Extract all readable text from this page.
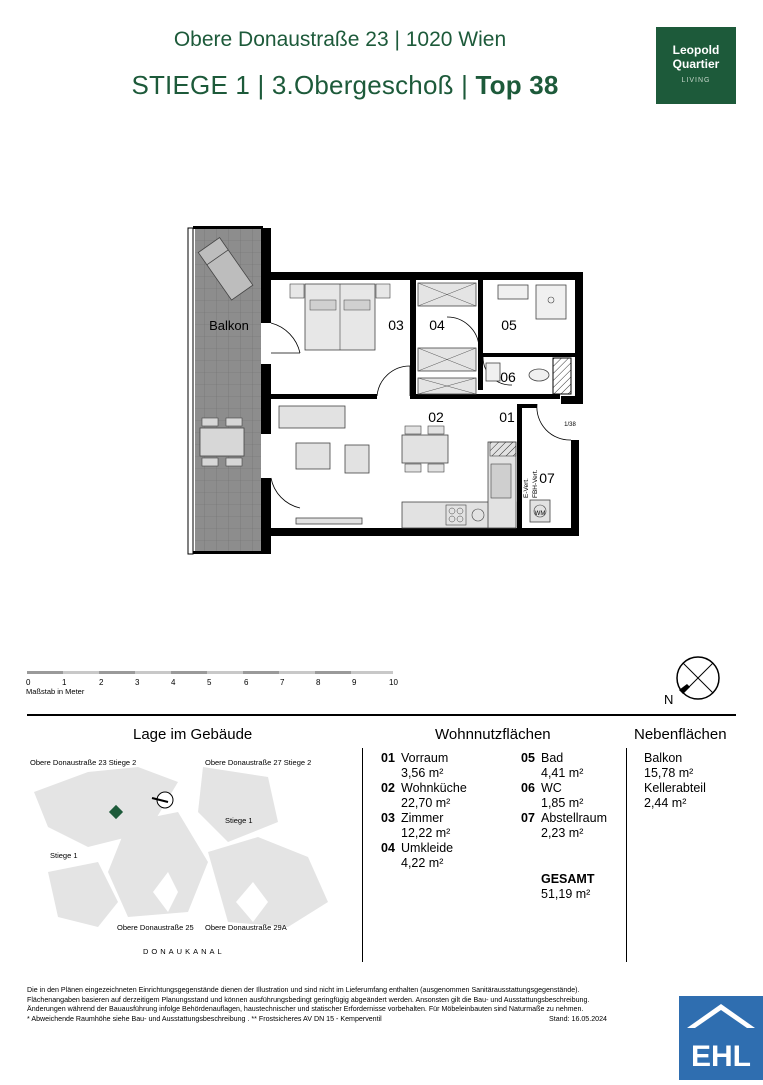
Obere Donaustraße 23 | 1020 Wien
STIEGE 1 | 3.Obergeschoß | Top 38
Leopold
Quartier
LIVING
Balkon	03 04	05
06
02	01
07
WM
1/38
E-Vert. FBH-Vert.
0	1	2	3	4	5	6	7	8	9	10
Maßstab in Meter
N
Lage im Gebäude	Wohnnutzflächen	Nebenflächen
Obere Donaustraße 23 Stiege 2	Obere Donaustraße 27 Stiege 2
Stiege 1
Stiege 1
Obere Donaustraße 25 Obere Donaustraße 29A
DONAUKANAL
01 Vorraum
3,56 m²
02 Wohnküche
22,70 m²
03 Zimmer
12,22 m²
04 Umkleide
4,22 m²
05 Bad
4,41 m²
06 WC
1,85 m²
07 Abstellraum
2,23 m²
GESAMT
51,19 m²
Balkon
15,78 m²
Kellerabteil
2,44 m²
Die in den Plänen eingezeichneten Einrichtungsgegenstände dienen der Illustration und sind nicht im Lieferumfang enthalten (ausgenommen Sanitärausstattungsgegenstände).
Flächenangaben basieren auf derzeitigem Planungsstand und können ausführungsbedingt geringfügig abgeändert werden. Ansonsten gilt die Bau- und Ausstattungsbeschreibung.
Änderungen während der Bauausführung infolge Behördenauflagen, haustechnischer und statischer Erfordernisse vorbehalten. Für Möbeleinbauten sind Naturmaße zu nehmen.
* Abweichende Raumhöhe siehe Bau- und Ausstattungsbeschreibung . ** Frostsicheres AV DN 15 - Kemperventil	Stand: 16.05.2024
EHL
